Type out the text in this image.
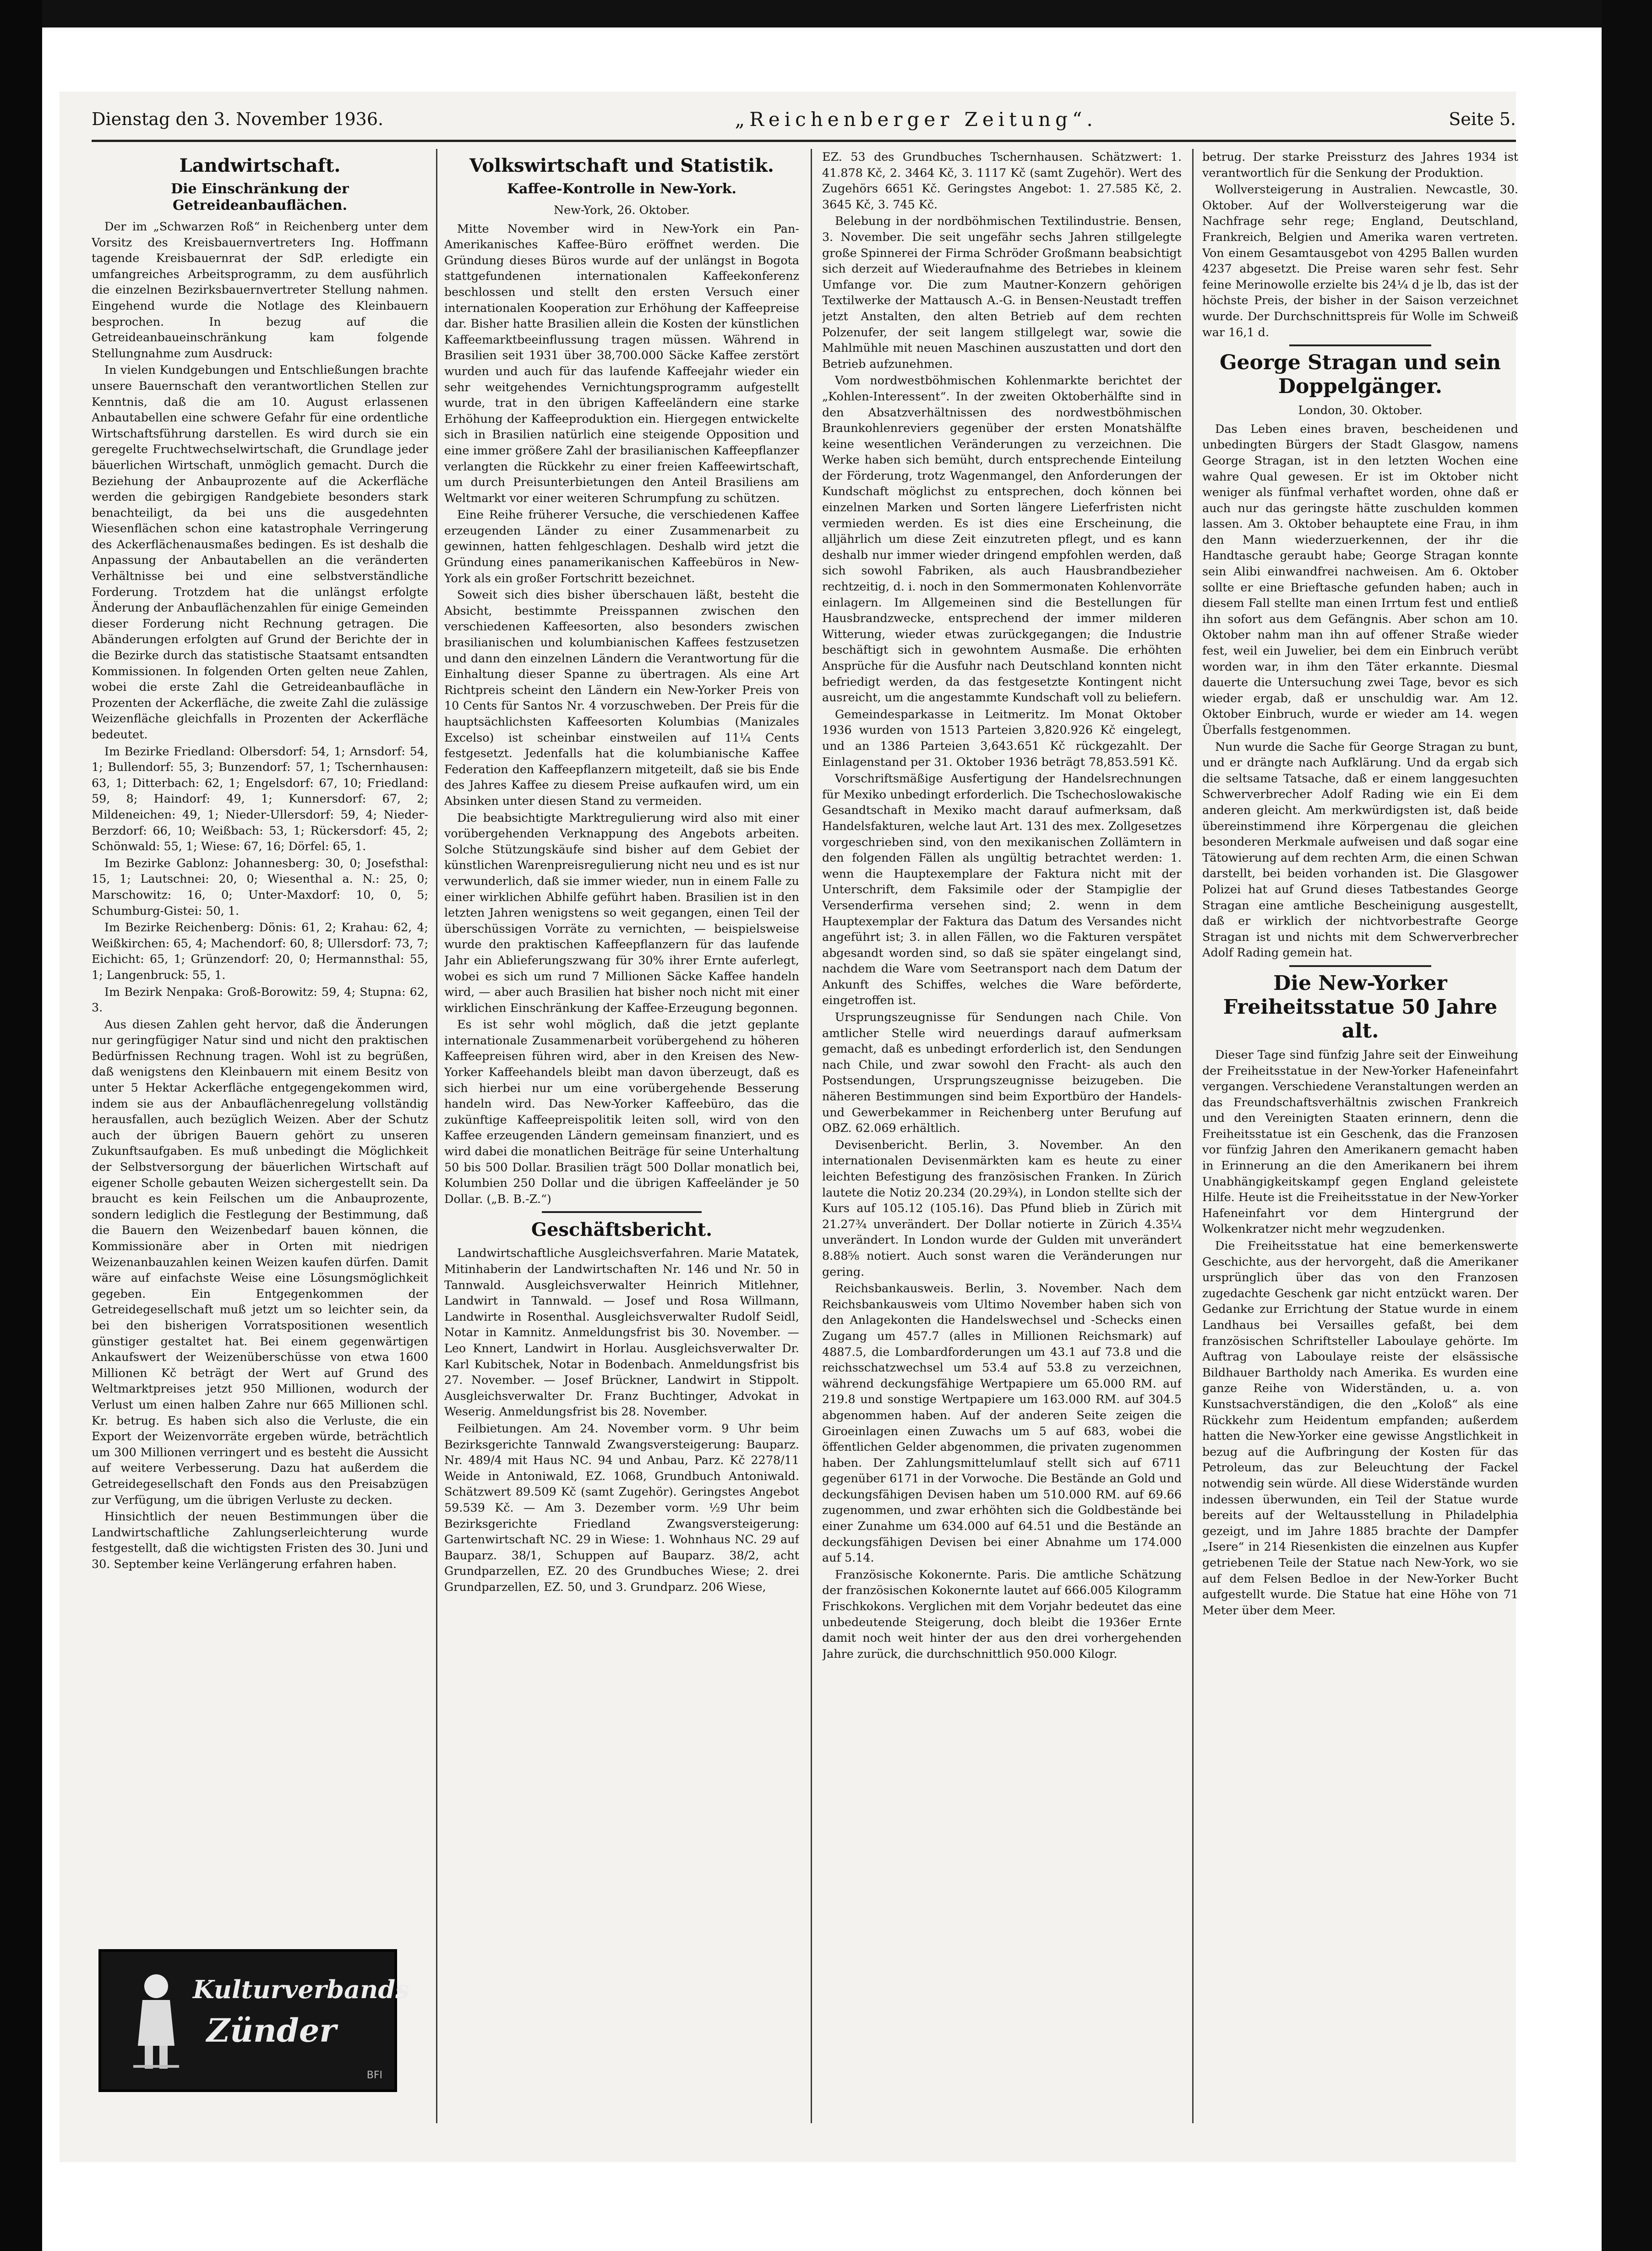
Dienstag den 3. November 1936.	„Reichenberger Zeitung“.	Seite 5.
Landwirtschaft.
Die Einschränkung der Getreideanbauflächen.

Der im „Schwarzen Roß“ in Reichenberg unter dem Vorsitz des Kreisbauernvertreters Ing. Hoffmann tagende Kreisbauernrat der SdP. erledigte ein umfangreiches Arbeitsprogramm, zu dem ausführlich die einzelnen Bezirksbauernvertreter Stellung nahmen. Eingehend wurde die Notlage des Kleinbauern besprochen. In bezug auf die Getreideanbaueinschränkung kam folgende Stellungnahme zum Ausdruck:

In vielen Kundgebungen und Entschließungen brachte unsere Bauernschaft den verantwortlichen Stellen zur Kenntnis, daß die am 10. August erlassenen Anbautabellen eine schwere Gefahr für eine ordentliche Wirtschaftsführung darstellen. Es wird durch sie ein geregelte Fruchtwechselwirtschaft, die Grundlage jeder bäuerlichen Wirtschaft, unmöglich gemacht. Durch die Beziehung der Anbauprozente auf die Ackerfläche werden die gebirgigen Randgebiete besonders stark benachteiligt, da bei uns die ausgedehnten Wiesenflächen schon eine katastrophale Verringerung des Ackerflächenausmaßes bedingen. Es ist deshalb die Anpassung der Anbautabellen an die veränderten Verhältnisse bei und eine selbstverständliche Forderung. Trotzdem hat die unlängst erfolgte Änderung der Anbauflächenzahlen für einige Gemeinden dieser Forderung nicht Rechnung getragen. Die Abänderungen erfolgten auf Grund der Berichte der in die Bezirke durch das statistische Staatsamt entsandten Kommissionen. In folgenden Orten gelten neue Zahlen, wobei die erste Zahl die Getreideanbaufläche in Prozenten der Ackerfläche, die zweite Zahl die zulässige Weizenfläche gleichfalls in Prozenten der Ackerfläche bedeutet.

Im Bezirke Friedland: Olbersdorf: 54, 1; Arnsdorf: 54, 1; Bullendorf: 55, 3; Bunzendorf: 57, 1; Tschernhausen: 63, 1; Ditterbach: 62, 1; Engelsdorf: 67, 10; Friedland: 59, 8; Haindorf: 49, 1; Kunnersdorf: 67, 2; Mildeneichen: 49, 1; Nieder-Ullersdorf: 59, 4; Nieder-Berzdorf: 66, 10; Weißbach: 53, 1; Rückersdorf: 45, 2; Schönwald: 55, 1; Wiese: 67, 16; Dörfel: 65, 1.

Im Bezirke Gablonz: Johannesberg: 30, 0; Josefsthal: 15, 1; Lautschnei: 20, 0; Wiesenthal a. N.: 25, 0; Marschowitz: 16, 0; Unter-Maxdorf: 10, 0, 5; Schumburg-Gistei: 50, 1.

Im Bezirke Reichenberg: Dönis: 61, 2; Krahau: 62, 4; Weißkirchen: 65, 4; Machendorf: 60, 8; Ullersdorf: 73, 7; Eichicht: 65, 1; Grünzendorf: 20, 0; Hermannsthal: 55, 1; Langenbruck: 55, 1.

Im Bezirk Nenpaka: Groß-Borowitz: 59, 4; Stupna: 62, 3.

Aus diesen Zahlen geht hervor, daß die Änderungen nur geringfügiger Natur sind und nicht den praktischen Bedürfnissen Rechnung tragen. Wohl ist zu begrüßen, daß wenigstens den Kleinbauern mit einem Besitz von unter 5 Hektar Ackerfläche entgegengekommen wird, indem sie aus der Anbauflächenregelung vollständig herausfallen, auch bezüglich Weizen. Aber der Schutz auch der übrigen Bauern gehört zu unseren Zukunftsaufgaben. Es muß unbedingt die Möglichkeit der Selbstversorgung der bäuerlichen Wirtschaft auf eigener Scholle gebauten Weizen sichergestellt sein. Da braucht es kein Feilschen um die Anbauprozente, sondern lediglich die Festlegung der Bestimmung, daß die Bauern den Weizenbedarf bauen können, die Kommissionäre aber in Orten mit niedrigen Weizenanbauzahlen keinen Weizen kaufen dürfen. Damit wäre auf einfachste Weise eine Lösungsmöglichkeit gegeben. Ein Entgegenkommen der Getreidegesellschaft muß jetzt um so leichter sein, da bei den bisherigen Vorratspositionen wesentlich günstiger gestaltet hat. Bei einem gegenwärtigen Ankaufswert der Weizenüberschüsse von etwa 1600 Millionen Kč beträgt der Wert auf Grund des Weltmarktpreises jetzt 950 Millionen, wodurch der Verlust um einen halben Zahre nur 665 Millionen schl. Kr. betrug. Es haben sich also die Verluste, die ein Export der Weizenvorräte ergeben würde, beträchtlich um 300 Millionen verringert und es besteht die Aussicht auf weitere Verbesserung. Dazu hat außerdem die Getreidegesellschaft den Fonds aus den Preisabzügen zur Verfügung, um die übrigen Verluste zu decken.

Hinsichtlich der neuen Bestimmungen über die Landwirtschaftliche Zahlungserleichterung wurde festgestellt, daß die wichtigsten Fristen des 30. Juni und 30. September keine Verlängerung erfahren haben.

Kulturverbands
Zünder
BFI
Volkswirtschaft und Statistik.
Kaffee-Kontrolle in New-York.
New-York, 26. Oktober.

Mitte November wird in New-York ein Pan-Amerikanisches Kaffee-Büro eröffnet werden. Die Gründung dieses Büros wurde auf der unlängst in Bogota stattgefundenen internationalen Kaffeekonferenz beschlossen und stellt den ersten Versuch einer internationalen Kooperation zur Erhöhung der Kaffeepreise dar. Bisher hatte Brasilien allein die Kosten der künstlichen Kaffeemarktbeeinflussung tragen müssen. Während in Brasilien seit 1931 über 38,700.000 Säcke Kaffee zerstört wurden und auch für das laufende Kaffeejahr wieder ein sehr weitgehendes Vernichtungsprogramm aufgestellt wurde, trat in den übrigen Kaffeeländern eine starke Erhöhung der Kaffeeproduktion ein. Hiergegen entwickelte sich in Brasilien natürlich eine steigende Opposition und eine immer größere Zahl der brasilianischen Kaffeepflanzer verlangten die Rückkehr zu einer freien Kaffeewirtschaft, um durch Preisunterbietungen den Anteil Brasiliens am Weltmarkt vor einer weiteren Schrumpfung zu schützen.

Eine Reihe früherer Versuche, die verschiedenen Kaffee erzeugenden Länder zu einer Zusammenarbeit zu gewinnen, hatten fehlgeschlagen. Deshalb wird jetzt die Gründung eines panamerikanischen Kaffeebüros in New-York als ein großer Fortschritt bezeichnet.

Soweit sich dies bisher überschauen läßt, besteht die Absicht, bestimmte Preisspannen zwischen den verschiedenen Kaffeesorten, also besonders zwischen brasilianischen und kolumbianischen Kaffees festzusetzen und dann den einzelnen Ländern die Verantwortung für die Einhaltung dieser Spanne zu übertragen. Als eine Art Richtpreis scheint den Ländern ein New-Yorker Preis von 10 Cents für Santos Nr. 4 vorzuschweben. Der Preis für die hauptsächlichsten Kaffeesorten Kolumbias (Manizales Excelso) ist scheinbar einstweilen auf 11¼ Cents festgesetzt. Jedenfalls hat die kolumbianische Kaffee Federation den Kaffeepflanzern mitgeteilt, daß sie bis Ende des Jahres Kaffee zu diesem Preise aufkaufen wird, um ein Absinken unter diesen Stand zu vermeiden.

Die beabsichtigte Marktregulierung wird also mit einer vorübergehenden Verknappung des Angebots arbeiten. Solche Stützungskäufe sind bisher auf dem Gebiet der künstlichen Warenpreisregulierung nicht neu und es ist nur verwunderlich, daß sie immer wieder, nun in einem Falle zu einer wirklichen Abhilfe geführt haben. Brasilien ist in den letzten Jahren wenigstens so weit gegangen, einen Teil der überschüssigen Vorräte zu vernichten, — beispielsweise wurde den praktischen Kaffeepflanzern für das laufende Jahr ein Ablieferungszwang für 30% ihrer Ernte auferlegt, wobei es sich um rund 7 Millionen Säcke Kaffee handeln wird, — aber auch Brasilien hat bisher noch nicht mit einer wirklichen Einschränkung der Kaffee-Erzeugung begonnen.

Es ist sehr wohl möglich, daß die jetzt geplante internationale Zusammenarbeit vorübergehend zu höheren Kaffeepreisen führen wird, aber in den Kreisen des New-Yorker Kaffeehandels bleibt man davon überzeugt, daß es sich hierbei nur um eine vorübergehende Besserung handeln wird. Das New-Yorker Kaffeebüro, das die zukünftige Kaffeepreispolitik leiten soll, wird von den Kaffee erzeugenden Ländern gemeinsam finanziert, und es wird dabei die monatlichen Beiträge für seine Unterhaltung 50 bis 500 Dollar. Brasilien trägt 500 Dollar monatlich bei, Kolumbien 250 Dollar und die übrigen Kaffeeländer je 50 Dollar. („B. B.-Z.“)

Geschäftsbericht.

Landwirtschaftliche Ausgleichsverfahren. Marie Matatek, Mitinhaberin der Landwirtschaften Nr. 146 und Nr. 50 in Tannwald. Ausgleichsverwalter Heinrich Mitlehner, Landwirt in Tannwald. — Josef und Rosa Willmann, Landwirte in Rosenthal. Ausgleichsverwalter Rudolf Seidl, Notar in Kamnitz. Anmeldungsfrist bis 30. November. — Leo Knnert, Landwirt in Horlau. Ausgleichsverwalter Dr. Karl Kubitschek, Notar in Bodenbach. Anmeldungsfrist bis 27. November. — Josef Brückner, Landwirt in Stippolt. Ausgleichsverwalter Dr. Franz Buchtinger, Advokat in Weserig. Anmeldungsfrist bis 28. November.

Feilbietungen. Am 24. November vorm. 9 Uhr beim Bezirksgerichte Tannwald Zwangsversteigerung: Bauparz. Nr. 489/4 mit Haus NC. 94 und Anbau, Parz. Kč 2278/11 Weide in Antoniwald, EZ. 1068, Grundbuch Antoniwald. Schätzwert 89.509 Kč (samt Zugehör). Geringstes Angebot 59.539 Kč. — Am 3. Dezember vorm. ½9 Uhr beim Bezirksgerichte Friedland Zwangsversteigerung: Gartenwirtschaft NC. 29 in Wiese: 1. Wohnhaus NC. 29 auf Bauparz. 38/1, Schuppen auf Bauparz. 38/2, acht Grundparzellen, EZ. 20 des Grundbuches Wiese; 2. drei Grundparzellen, EZ. 50, und 3. Grundparz. 206 Wiese,

EZ. 53 des Grundbuches Tschernhausen. Schätzwert: 1. 41.878 Kč, 2. 3464 Kč, 3. 1117 Kč (samt Zugehör). Wert des Zugehörs 6651 Kč. Geringstes Angebot: 1. 27.585 Kč, 2. 3645 Kč, 3. 745 Kč.

Belebung in der nordböhmischen Textilindustrie. Bensen, 3. November. Die seit ungefähr sechs Jahren stillgelegte große Spinnerei der Firma Schröder Großmann beabsichtigt sich derzeit auf Wiederaufnahme des Betriebes in kleinem Umfange vor. Die zum Mautner-Konzern gehörigen Textilwerke der Mattausch A.-G. in Bensen-Neustadt treffen jetzt Anstalten, den alten Betrieb auf dem rechten Polzenufer, der seit langem stillgelegt war, sowie die Mahlmühle mit neuen Maschinen auszustatten und dort den Betrieb aufzunehmen.

Vom nordwestböhmischen Kohlenmarkte berichtet der „Kohlen-Interessent“. In der zweiten Oktoberhälfte sind in den Absatzverhältnissen des nordwestböhmischen Braunkohlenreviers gegenüber der ersten Monatshälfte keine wesentlichen Veränderungen zu verzeichnen. Die Werke haben sich bemüht, durch entsprechende Einteilung der Förderung, trotz Wagenmangel, den Anforderungen der Kundschaft möglichst zu entsprechen, doch können bei einzelnen Marken und Sorten längere Lieferfristen nicht vermieden werden. Es ist dies eine Erscheinung, die alljährlich um diese Zeit einzutreten pflegt, und es kann deshalb nur immer wieder dringend empfohlen werden, daß sich sowohl Fabriken, als auch Hausbrandbezieher rechtzeitig, d. i. noch in den Sommermonaten Kohlenvorräte einlagern. Im Allgemeinen sind die Bestellungen für Hausbrandzwecke, entsprechend der immer milderen Witterung, wieder etwas zurückgegangen; die Industrie beschäftigt sich in gewohntem Ausmaße. Die erhöhten Ansprüche für die Ausfuhr nach Deutschland konnten nicht befriedigt werden, da das festgesetzte Kontingent nicht ausreicht, um die angestammte Kundschaft voll zu beliefern.

Gemeindesparkasse in Leitmeritz. Im Monat Oktober 1936 wurden von 1513 Parteien 3,820.926 Kč eingelegt, und an 1386 Parteien 3,643.651 Kč rückgezahlt. Der Einlagenstand per 31. Oktober 1936 beträgt 78,853.591 Kč.

Vorschriftsmäßige Ausfertigung der Handelsrechnungen für Mexiko unbedingt erforderlich. Die Tschechoslowakische Gesandtschaft in Mexiko macht darauf aufmerksam, daß Handelsfakturen, welche laut Art. 131 des mex. Zollgesetzes vorgeschrieben sind, von den mexikanischen Zollämtern in den folgenden Fällen als ungültig betrachtet werden: 1. wenn die Hauptexemplare der Faktura nicht mit der Unterschrift, dem Faksimile oder der Stampiglie der Versenderfirma versehen sind; 2. wenn in dem Hauptexemplar der Faktura das Datum des Versandes nicht angeführt ist; 3. in allen Fällen, wo die Fakturen verspätet abgesandt worden sind, so daß sie später eingelangt sind, nachdem die Ware vom Seetransport nach dem Datum der Ankunft des Schiffes, welches die Ware beförderte, eingetroffen ist.

Ursprungszeugnisse für Sendungen nach Chile. Von amtlicher Stelle wird neuerdings darauf aufmerksam gemacht, daß es unbedingt erforderlich ist, den Sendungen nach Chile, und zwar sowohl den Fracht- als auch den Postsendungen, Ursprungszeugnisse beizugeben. Die näheren Bestimmungen sind beim Exportbüro der Handels- und Gewerbekammer in Reichenberg unter Berufung auf OBZ. 62.069 erhältlich.

Devisenbericht. Berlin, 3. November. An den internationalen Devisenmärkten kam es heute zu einer leichten Befestigung des französischen Franken. In Zürich lautete die Notiz 20.234 (20.29¾), in London stellte sich der Kurs auf 105.12 (105.16). Das Pfund blieb in Zürich mit 21.27¾ unverändert. Der Dollar notierte in Zürich 4.35¼ unverändert. In London wurde der Gulden mit unverändert 8.88⅝ notiert. Auch sonst waren die Veränderungen nur gering.

Reichsbankausweis. Berlin, 3. November. Nach dem Reichsbankausweis vom Ultimo November haben sich von den Anlagekonten die Handelswechsel und -Schecks einen Zugang um 457.7 (alles in Millionen Reichsmark) auf 4887.5, die Lombardforderungen um 43.1 auf 73.8 und die reichsschatzwechsel um 53.4 auf 53.8 zu verzeichnen, während deckungsfähige Wertpapiere um 65.000 RM. auf 219.8 und sonstige Wertpapiere um 163.000 RM. auf 304.5 abgenommen haben. Auf der anderen Seite zeigen die Giroeinlagen einen Zuwachs um 5 auf 683, wobei die öffentlichen Gelder abgenommen, die privaten zugenommen haben. Der Zahlungsmittelumlauf stellt sich auf 6711 gegenüber 6171 in der Vorwoche. Die Bestände an Gold und deckungsfähigen Devisen haben um 510.000 RM. auf 69.66 zugenommen, und zwar erhöhten sich die Goldbestände bei einer Zunahme um 634.000 auf 64.51 und die Bestände an deckungsfähigen Devisen bei einer Abnahme um 174.000 auf 5.14.

Französische Kokonernte. Paris. Die amtliche Schätzung der französischen Kokonernte lautet auf 666.005 Kilogramm Frischkokons. Verglichen mit dem Vorjahr bedeutet das eine unbedeutende Steigerung, doch bleibt die 1936er Ernte damit noch weit hinter der aus den drei vorhergehenden Jahre zurück, die durchschnittlich 950.000 Kilogr.

betrug. Der starke Preissturz des Jahres 1934 ist verantwortlich für die Senkung der Produktion.

Wollversteigerung in Australien. Newcastle, 30. Oktober. Auf der Wollversteigerung war die Nachfrage sehr rege; England, Deutschland, Frankreich, Belgien und Amerika waren vertreten. Von einem Gesamtausgebot von 4295 Ballen wurden 4237 abgesetzt. Die Preise waren sehr fest. Sehr feine Merinowolle erzielte bis 24¼ d je lb, das ist der höchste Preis, der bisher in der Saison verzeichnet wurde. Der Durchschnittspreis für Wolle im Schweiß war 16,1 d.

George Stragan und sein Doppelgänger.
London, 30. Oktober.

Das Leben eines braven, bescheidenen und unbedingten Bürgers der Stadt Glasgow, namens George Stragan, ist in den letzten Wochen eine wahre Qual gewesen. Er ist im Oktober nicht weniger als fünfmal verhaftet worden, ohne daß er auch nur das geringste hätte zuschulden kommen lassen. Am 3. Oktober behauptete eine Frau, in ihm den Mann wiederzuerkennen, der ihr die Handtasche geraubt habe; George Stragan konnte sein Alibi einwandfrei nachweisen. Am 6. Oktober sollte er eine Brieftasche gefunden haben; auch in diesem Fall stellte man einen Irrtum fest und entließ ihn sofort aus dem Gefängnis. Aber schon am 10. Oktober nahm man ihn auf offener Straße wieder fest, weil ein Juwelier, bei dem ein Einbruch verübt worden war, in ihm den Täter erkannte. Diesmal dauerte die Untersuchung zwei Tage, bevor es sich wieder ergab, daß er unschuldig war. Am 12. Oktober Einbruch, wurde er wieder am 14. wegen Überfalls festgenommen.

Nun wurde die Sache für George Stragan zu bunt, und er drängte nach Aufklärung. Und da ergab sich die seltsame Tatsache, daß er einem langgesuchten Schwerverbrecher Adolf Rading wie ein Ei dem anderen gleicht. Am merkwürdigsten ist, daß beide übereinstimmend ihre Körpergenau die gleichen besonderen Merkmale aufweisen und daß sogar eine Tätowierung auf dem rechten Arm, die einen Schwan darstellt, bei beiden vorhanden ist. Die Glasgower Polizei hat auf Grund dieses Tatbestandes George Stragan eine amtliche Bescheinigung ausgestellt, daß er wirklich der nichtvorbestrafte George Stragan ist und nichts mit dem Schwerverbrecher Adolf Rading gemein hat.

Die New-Yorker Freiheitsstatue 50 Jahre alt.

Dieser Tage sind fünfzig Jahre seit der Einweihung der Freiheitsstatue in der New-Yorker Hafeneinfahrt vergangen. Verschiedene Veranstaltungen werden an das Freundschaftsverhältnis zwischen Frankreich und den Vereinigten Staaten erinnern, denn die Freiheitsstatue ist ein Geschenk, das die Franzosen vor fünfzig Jahren den Amerikanern gemacht haben in Erinnerung an die den Amerikanern bei ihrem Unabhängigkeitskampf gegen England geleistete Hilfe. Heute ist die Freiheitsstatue in der New-Yorker Hafeneinfahrt vor dem Hintergrund der Wolkenkratzer nicht mehr wegzudenken.

Die Freiheitsstatue hat eine bemerkenswerte Geschichte, aus der hervorgeht, daß die Amerikaner ursprünglich über das von den Franzosen zugedachte Geschenk gar nicht entzückt waren. Der Gedanke zur Errichtung der Statue wurde in einem Landhaus bei Versailles gefaßt, bei dem französischen Schriftsteller Laboulaye gehörte. Im Auftrag von Laboulaye reiste der elsässische Bildhauer Bartholdy nach Amerika. Es wurden eine ganze Reihe von Widerständen, u. a. von Kunstsachverständigen, die den „Koloß“ als eine Rückkehr zum Heidentum empfanden; außerdem hatten die New-Yorker eine gewisse Angstlichkeit in bezug auf die Aufbringung der Kosten für das Petroleum, das zur Beleuchtung der Fackel notwendig sein würde. All diese Widerstände wurden indessen überwunden, ein Teil der Statue wurde bereits auf der Weltausstellung in Philadelphia gezeigt, und im Jahre 1885 brachte der Dampfer „Isere“ in 214 Riesenkisten die einzelnen aus Kupfer getriebenen Teile der Statue nach New-York, wo sie auf dem Felsen Bedloe in der New-Yorker Bucht aufgestellt wurde. Die Statue hat eine Höhe von 71 Meter über dem Meer.
